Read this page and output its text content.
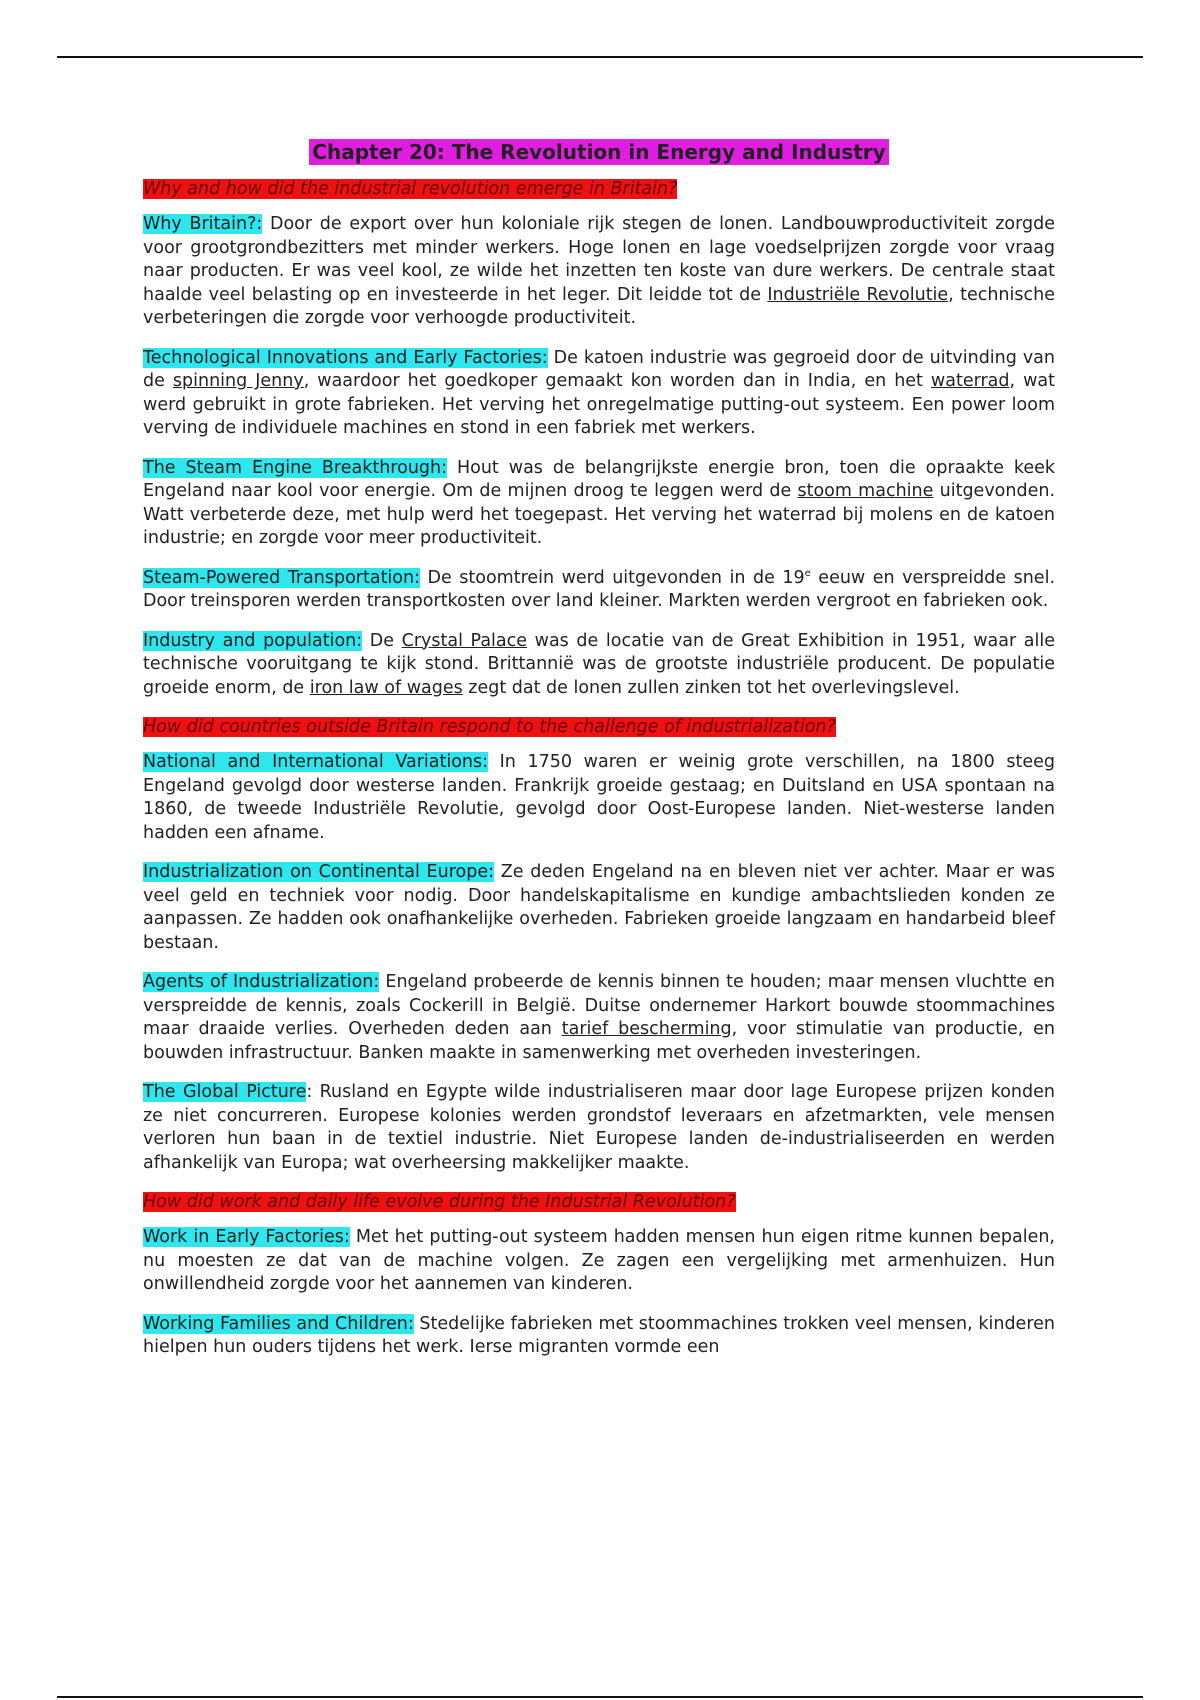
Chapter 20: The Revolution in Energy and Industry
Why and how did the industrial revolution emerge in Britain?

Why Britain?: Door de export over hun koloniale rijk stegen de lonen. Landbouwproductiviteit zorgde voor grootgrondbezitters met minder werkers. Hoge lonen en lage voedselprijzen zorgde voor vraag naar producten. Er was veel kool, ze wilde het inzetten ten koste van dure werkers. De centrale staat haalde veel belasting op en investeerde in het leger. Dit leidde tot de Industriële Revolutie, technische verbeteringen die zorgde voor verhoogde productiviteit.

Technological Innovations and Early Factories: De katoen industrie was gegroeid door de uitvinding van de spinning Jenny, waardoor het goedkoper gemaakt kon worden dan in India, en het waterrad, wat werd gebruikt in grote fabrieken. Het verving het onregelmatige putting-out systeem. Een power loom verving de individuele machines en stond in een fabriek met werkers.

The Steam Engine Breakthrough: Hout was de belangrijkste energie bron, toen die opraakte keek Engeland naar kool voor energie. Om de mijnen droog te leggen werd de stoom machine uitgevonden. Watt verbeterde deze, met hulp werd het toegepast. Het verving het waterrad bij molens en de katoen industrie; en zorgde voor meer productiviteit.

Steam-Powered Transportation: De stoomtrein werd uitgevonden in de 19e eeuw en verspreidde snel. Door treinsporen werden transportkosten over land kleiner. Markten werden vergroot en fabrieken ook.

Industry and population: De Crystal Palace was de locatie van de Great Exhibition in 1951, waar alle technische vooruitgang te kijk stond. Brittannië was de grootste industriële producent. De populatie groeide enorm, de iron law of wages zegt dat de lonen zullen zinken tot het overlevingslevel.

How did countries outside Britain respond to the challenge of industrialization?

National and International Variations: In 1750 waren er weinig grote verschillen, na 1800 steeg Engeland gevolgd door westerse landen. Frankrijk groeide gestaag; en Duitsland en USA spontaan na 1860, de tweede Industriële Revolutie, gevolgd door Oost-Europese landen. Niet-westerse landen hadden een afname.

Industrialization on Continental Europe: Ze deden Engeland na en bleven niet ver achter. Maar er was veel geld en techniek voor nodig. Door handelskapitalisme en kundige ambachtslieden konden ze aanpassen. Ze hadden ook onafhankelijke overheden. Fabrieken groeide langzaam en handarbeid bleef bestaan.

Agents of Industrialization: Engeland probeerde de kennis binnen te houden; maar mensen vluchtte en verspreidde de kennis, zoals Cockerill in België. Duitse ondernemer Harkort bouwde stoommachines maar draaide verlies. Overheden deden aan tarief bescherming, voor stimulatie van productie, en bouwden infrastructuur. Banken maakte in samenwerking met overheden investeringen.

The Global Picture: Rusland en Egypte wilde industrialiseren maar door lage Europese prijzen konden ze niet concurreren. Europese kolonies werden grondstof leveraars en afzetmarkten, vele mensen verloren hun baan in de textiel industrie. Niet Europese landen de-industrialiseerden en werden afhankelijk van Europa; wat overheersing makkelijker maakte.

How did work and daily life evolve during the Industrial Revolution?

Work in Early Factories: Met het putting-out systeem hadden mensen hun eigen ritme kunnen bepalen, nu moesten ze dat van de machine volgen. Ze zagen een vergelijking met armenhuizen. Hun onwillendheid zorgde voor het aannemen van kinderen.

Working Families and Children: Stedelijke fabrieken met stoommachines trokken veel mensen, kinderen hielpen hun ouders tijdens het werk. Ierse migranten vormde een
